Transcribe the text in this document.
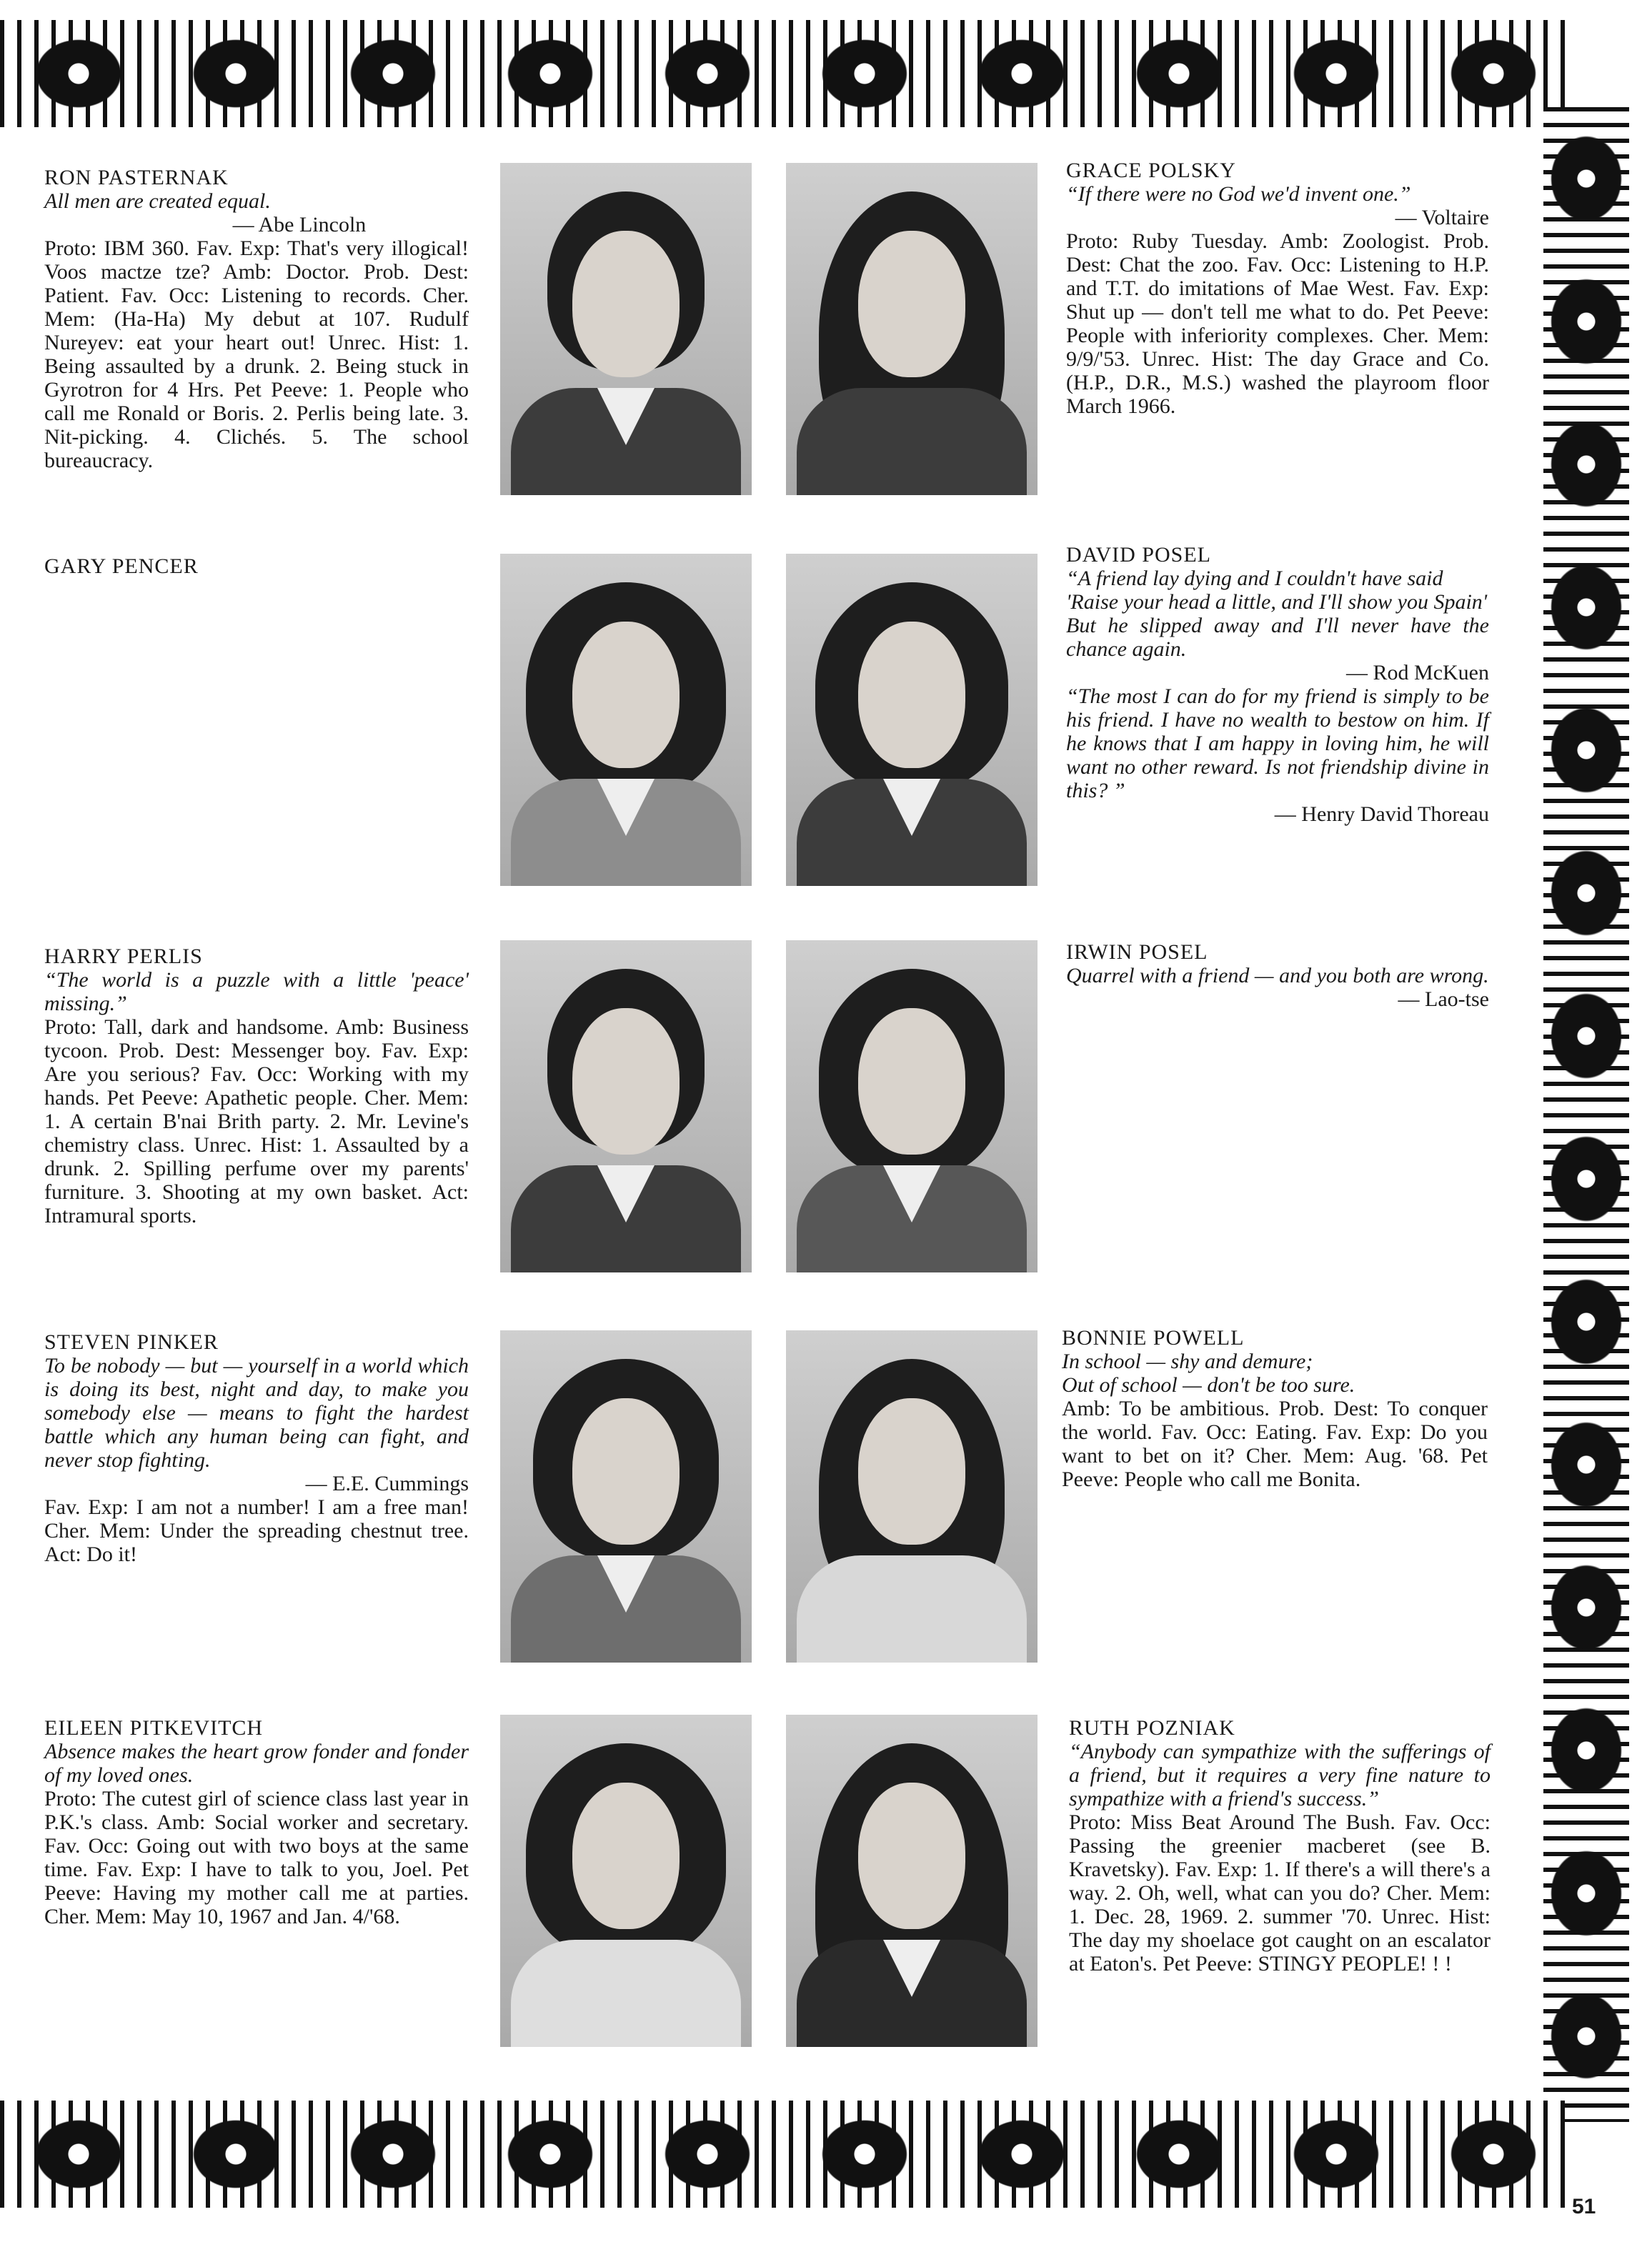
RON PASTERNAK
All men are created equal.
— Abe Lincoln
Proto: IBM 360. Fav. Exp: That's very illogical! Voos mactze tze? Amb: Doctor. Prob. Dest: Patient. Fav. Occ: Listening to records. Cher. Mem: (Ha-Ha) My debut at 107. Rudulf Nureyev: eat your heart out! Unrec. Hist: 1. Being assaulted by a drunk. 2. Being stuck in Gyrotron for 4 Hrs. Pet Peeve: 1. People who call me Ronald or Boris. 2. Perlis being late. 3. Nit-picking. 4. Clichés. 5. The school bureaucracy.
GRACE POLSKY
“If there were no God we'd invent one.”
— Voltaire
Proto: Ruby Tuesday. Amb: Zoologist. Prob. Dest: Chat the zoo. Fav. Occ: Listening to H.P. and T.T. do imitations of Mae West. Fav. Exp: Shut up — don't tell me what to do. Pet Peeve: People with inferiority complexes. Cher. Mem: 9/9/'53. Unrec. Hist: The day Grace and Co. (H.P., D.R., M.S.) washed the playroom floor March 1966.
GARY PENCER	DAVID POSEL
“A friend lay dying and I couldn't have said
'Raise your head a little, and I'll show you Spain'
But he slipped away and I'll never have the chance again.
— Rod McKuen
“The most I can do for my friend is simply to be his friend. I have no wealth to bestow on him. If he knows that I am happy in loving him, he will want no other reward. Is not friendship divine in this? ”
— Henry David Thoreau
HARRY PERLIS
“The world is a puzzle with a little 'peace' missing.”
Proto: Tall, dark and handsome. Amb: Business tycoon. Prob. Dest: Messenger boy. Fav. Exp: Are you serious? Fav. Occ: Working with my hands. Pet Peeve: Apathetic people. Cher. Mem: 1. A certain B'nai Brith party. 2. Mr. Levine's chemistry class. Unrec. Hist: 1. Assaulted by a drunk. 2. Spilling perfume over my parents' furniture. 3. Shooting at my own basket. Act: Intramural sports.
IRWIN POSEL
Quarrel with a friend — and you both are wrong.
— Lao-tse
STEVEN PINKER
To be nobody — but — yourself in a world which is doing its best, night and day, to make you somebody else — means to fight the hardest battle which any human being can fight, and never stop fighting.
— E.E. Cummings
Fav. Exp: I am not a number! I am a free man! Cher. Mem: Under the spreading chestnut tree. Act: Do it!
BONNIE POWELL
In school — shy and demure;
Out of school — don't be too sure.
Amb: To be ambitious. Prob. Dest: To conquer the world. Fav. Occ: Eating. Fav. Exp: Do you want to bet on it? Cher. Mem: Aug. '68. Pet Peeve: People who call me Bonita.
EILEEN PITKEVITCH
Absence makes the heart grow fonder and fonder of my loved ones.
Proto: The cutest girl of science class last year in P.K.'s class. Amb: Social worker and secretary. Fav. Occ: Going out with two boys at the same time. Fav. Exp: I have to talk to you, Joel. Pet Peeve: Having my mother call me at parties. Cher. Mem: May 10, 1967 and Jan. 4/'68.
RUTH POZNIAK
“Anybody can sympathize with the sufferings of a friend, but it requires a very fine nature to sympathize with a friend's success.”
Proto: Miss Beat Around The Bush. Fav. Occ: Passing the greenier macberet (see B. Kravetsky). Fav. Exp: 1. If there's a will there's a way. 2. Oh, well, what can you do? Cher. Mem: 1. Dec. 28, 1969. 2. summer '70. Unrec. Hist: The day my shoelace got caught on an escalator at Eaton's. Pet Peeve: STINGY PEOPLE! ! !
51
